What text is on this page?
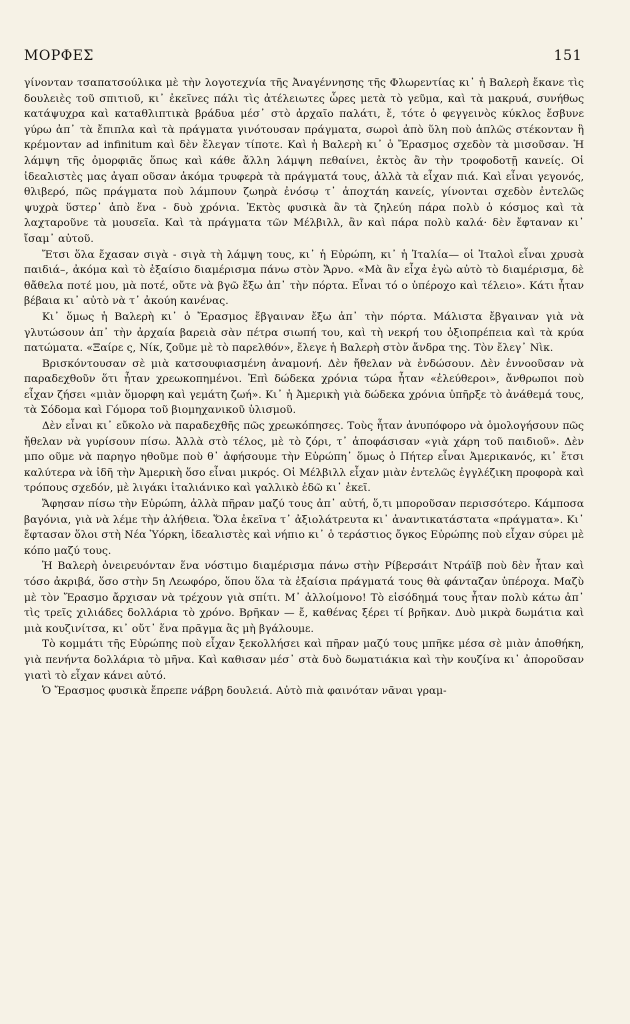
ΜΟΡΦΕΣ	151

γίνονταν τσαπατσούλικα μὲ τὴν λογοτεχνία τῆς Ἀναγέννησης τῆς Φλωρεντίας κι᾽ ἡ Βαλερὴ ἔκανε τὶς δουλειὲς τοῦ σπιτιοῦ, κι᾽ ἐκεῖνες πάλι τὶς ἀτέλειωτες ὧρες μετὰ τὸ γεῦμα, καὶ τὰ μακρυά, συνήθως κατάψυχρα καὶ καταθλιπτικὰ βράδυα μέσ᾽ στὸ ἀρχαῖο παλάτι, ἔ, τότε ὁ φεγγεινὸς κύκλος ἔσβυνε γύρω ἀπ᾽ τὰ ἔπιπλα καὶ τὰ πράγματα γινότουσαν πράγματα, σωροὶ ἀπὸ ὕλη ποὺ ἁπλῶς στέκονταν ἢ κρέμονταν ad infinitum καὶ δὲν ἔλεγαν τίποτε. Καὶ ἡ Βαλερὴ κι᾽ ὁ Ἔρασμος σχεδὸν τὰ μισοῦσαν. Ἡ λάμψη τῆς ὀμορφιᾶς ὅπως καὶ κάθε ἄλλη λάμψη πεθαίνει, ἐκτὸς ἂν τὴν τροφοδοτῇ κανείς. Οἱ ἰδεαλιστὲς μας ἀγαπ οῦσαν ἀκόμα τρυφερὰ τὰ πράγματά τους, ἀλλὰ τὰ εἶχαν πιά. Καὶ εἶναι γεγονός, θλιβερό, πῶς πράγματα ποὺ λάμπουν ζωηρὰ ἐνόσῳ τ᾽ ἀποχτάη κανείς, γίνονται σχεδὸν ἐντελῶς ψυχρὰ ὕστερ᾽ ἀπὸ ἕνα - δυὸ χρόνια. Ἐκτὸς φυσικὰ ἂν τὰ ζηλεύη πάρα πολὺ ὁ κόσμος καὶ τὰ λαχταροῦνε τὰ μουσεῖα. Καὶ τὰ πράγματα τῶν Μέλβιλλ, ἂν καὶ πάρα πολὺ καλά· δὲν ἔφταναν κι᾽ ἴσαμ᾽ αὐτοῦ.

Ἔτσι ὅλα ἔχασαν σιγὰ - σιγὰ τὴ λάμψη τους, κι᾽ ἡ Εὐρώπη, κι᾽ ἡ Ἰταλία— οἱ Ἰταλοὶ εἶναι χρυσὰ παιδιά–, ἀκόμα καὶ τὸ ἐξαίσιο διαμέρισμα πάνω στὸν Ἄρνο. «Μὰ ἂν εἶχα ἐγὼ αὐτὸ τὸ διαμέρισμα, δὲ θἄθελα ποτέ μου, μὰ ποτέ, οὔτε νὰ βγῶ ἔξω ἀπ᾽ τὴν πόρτα. Εἶναι τό ο ὑπέροχο καὶ τέλειο». Κάτι ἦταν βέβαια κι᾽ αὐτὸ νὰ τ᾽ ἀκούη κανένας.

Κι᾽ ὅμως ἡ Βαλερὴ κι᾽ ὁ Ἔρασμος ἔβγαιναν ἔξω ἀπ᾽ τὴν πόρτα. Μάλιστα ἔβγαιναν γιὰ νὰ γλυτώσουν ἀπ᾽ τὴν ἀρχαία βαρειὰ σὰν πέτρα σιωπή του, καὶ τὴ νεκρή του ὀξιοπρέπεια καὶ τὰ κρύα πατώματα. «Ξαίρε ς, Νίκ, ζοῦμε μὲ τὸ παρελθόν», ἔλεγε ἡ Βαλερὴ στὸν ἄνδρα της. Τὸν ἔλεγ᾽ Νὶκ.

Βρισκόντουσαν σὲ μιὰ κατσουφιασμένη ἀναμονή. Δὲν ἤθελαν νὰ ἐνδώσουν. Δὲν ἐννοοῦσαν νὰ παραδεχθοῦν ὅτι ἦταν χρεωκοπημένοι. Ἐπὶ δώδεκα χρόνια τώρα ἦταν «ἐλεύθεροι», ἄνθρωποι ποὺ εἶχαν ζήσει «μιὰν ὅμορφη καὶ γεμάτη ζωή». Κι᾽ ἡ Ἀμερικὴ γιὰ δώδεκα χρόνια ὑπῆρξε τὸ ἀνάθεμά τους, τὰ Σόδομα καὶ Γόμορα τοῦ βιομηχανικοῦ ὑλισμοῦ.

Δὲν εἶναι κι᾽ εὔκολο νὰ παραδεχθῆς πῶς χρεωκόπησες. Τοὺς ἦταν ἀνυπόφορο νὰ ὁμολογήσουν πῶς ἤθελαν νὰ γυρίσουν πίσω. Ἀλλὰ στὸ τέλος, μὲ τὸ ζόρι, τ᾽ ἀποφάσισαν «γιὰ χάρη τοῦ παιδιοῦ». Δὲν μπο οῦμε νὰ παρηγο ηθοῦμε ποὺ θ᾽ ἀφήσουμε τὴν Εὐρώπη᾽ ὅμως ὁ Πήτερ εἶναι Ἀμερικανός, κι᾽ ἔτσι καλύτερα νὰ ἰδῆ τὴν Ἀμερικὴ ὅσο εἶναι μικρός. Οἱ Μέλβιλλ εἶχαν μιὰν ἐντελῶς ἐγγλέζικη προφορὰ καὶ τρόπους σχεδόν, μὲ λιγάκι ἰταλιάνικο καὶ γαλλικὸ ἐδῶ κι᾽ ἐκεῖ.

Ἄφησαν πίσω τὴν Εὐρώπη, ἀλλὰ πῆραν μαζύ τους ἀπ᾽ αὐτή, ὅ,τι μποροῦσαν περισσότερο. Κάμποσα βαγόνια, γιὰ νὰ λέμε τὴν ἀλήθεια. Ὅλα ἐκεῖνα τ᾽ ἀξιολάτρευτα κι᾽ ἀναντικατάστατα «πράγματα». Κι᾽ ἔφτασαν ὅλοι στὴ Νέα Ὑόρκη, ἰδεαλιστὲς καὶ νήπιο κι᾽ ὁ τεράστιος ὄγκος Εὐρώπης ποὺ εἶχαν σύρει μὲ κόπο μαζύ τους.

Ἡ Βαλερὴ ὀνειρευόνταν ἕνα νόστιμο διαμέρισμα πάνω στὴν Ρίβερσάιτ Ντράϊβ ποὺ δὲν ἦταν καὶ τόσο ἀκριβά, ὅσο στὴν 5η Λεωφόρο, ὅπου ὅλα τὰ ἐξαίσια πράγματά τους θὰ φάνταζαν ὑπέροχα. Μαζὺ μὲ τὸν Ἔρασμο ἄρχισαν νὰ τρέχουν γιὰ σπίτι. Μ᾽ ἀλλοίμονο! Τὸ εἰσόδημά τους ἦταν πολὺ κάτω ἀπ᾽ τὶς τρεῖς χιλιάδες δολλάρια τὸ χρόνο. Βρῆκαν — ἔ, καθένας ξέρει τί βρῆκαν. Δυὸ μικρὰ δωμάτια καὶ μιὰ κουζινίτσα, κι᾽ οὔτ᾽ ἕνα πρᾶγμα ἂς μὴ βγάλουμε.

Τὸ κομμάτι τῆς Εὐρώπης ποὺ εἶχαν ξεκολλήσει καὶ πῆραν μαζύ τους μπῆκε μέσα σὲ μιὰν ἀποθήκη, γιὰ πενήντα δολλάρια τὸ μῆνα. Καὶ καθισαν μέσ᾽ στὰ δυὸ δωματιάκια καὶ τὴν κουζίνα κι᾽ ἀποροῦσαν γιατὶ τὸ εἶχαν κάνει αὐτό.

Ὁ Ἔρασμος φυσικὰ ἔπρεπε νάβρη δουλειά. Αὐτὸ πιὰ φαινόταν νᾶναι γραμ-
